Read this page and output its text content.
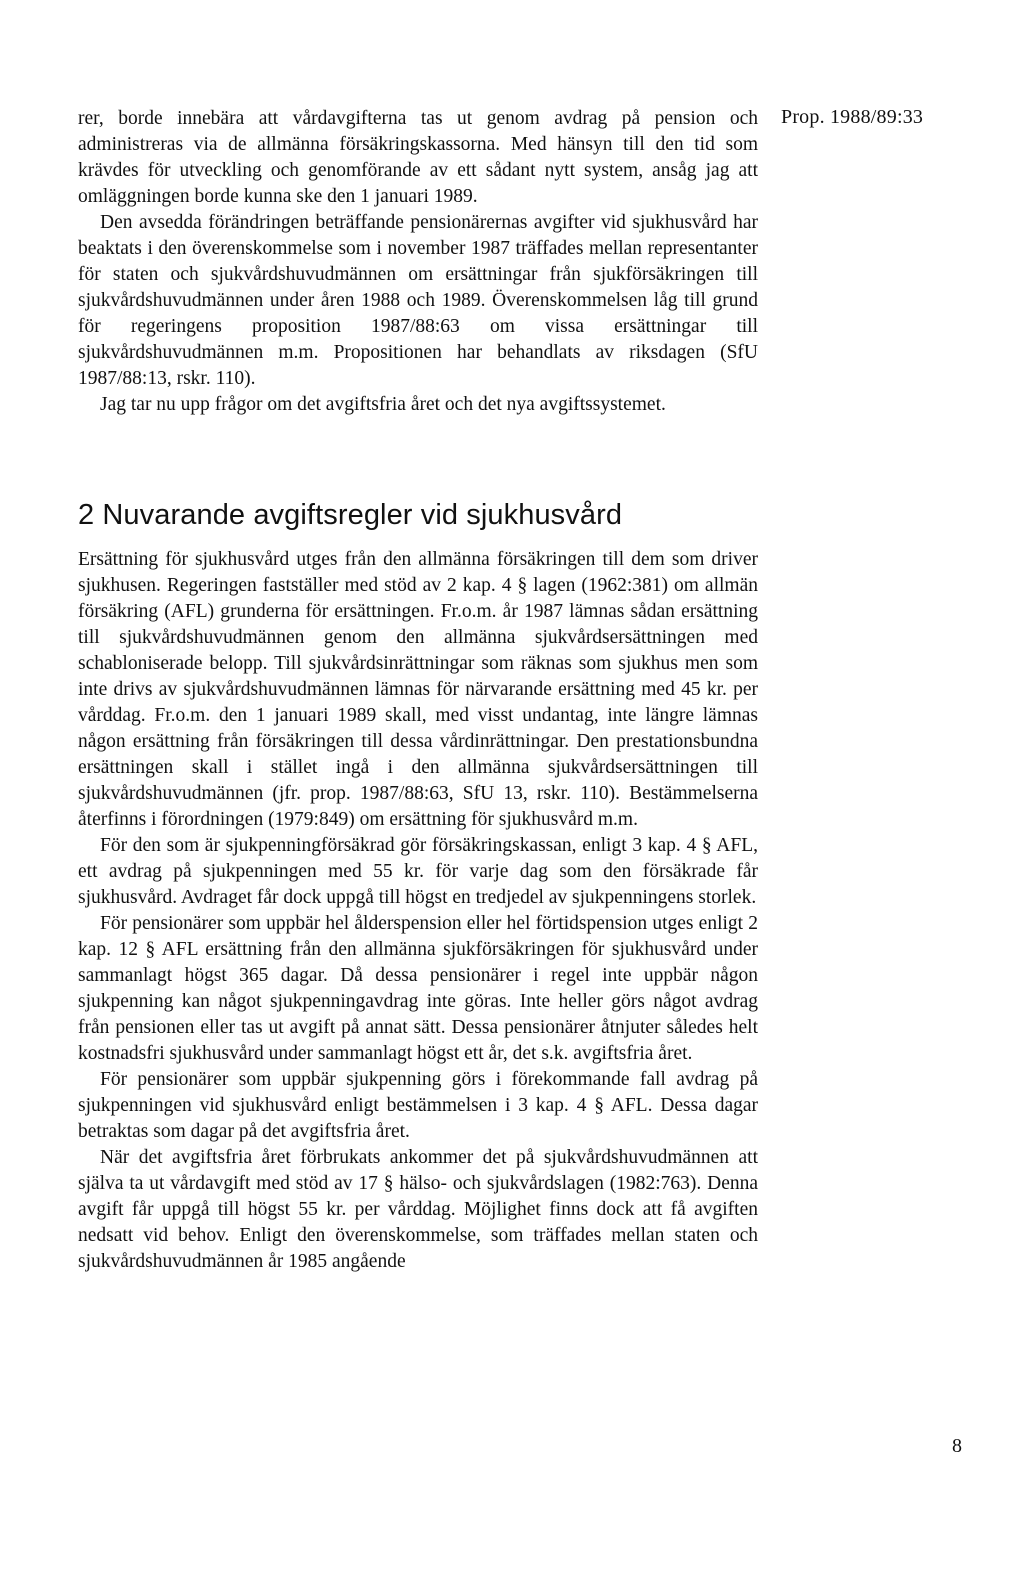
Prop. 1988/89:33

rer, borde innebära att vårdavgifterna tas ut genom avdrag på pension och administreras via de allmänna försäkringskassorna. Med hänsyn till den tid som krävdes för utveckling och genomförande av ett sådant nytt system, ansåg jag att omläggningen borde kunna ske den 1 januari 1989.

Den avsedda förändringen beträffande pensionärernas avgifter vid sjukhusvård har beaktats i den överenskommelse som i november 1987 träffades mellan representanter för staten och sjukvårdshuvudmännen om ersättningar från sjukförsäkringen till sjukvårdshuvudmännen under åren 1988 och 1989. Överenskommelsen låg till grund för regeringens proposition 1987/88:63 om vissa ersättningar till sjukvårdshuvudmännen m.m. Propositionen har behandlats av riksdagen (SfU 1987/88:13, rskr. 110).

Jag tar nu upp frågor om det avgiftsfria året och det nya avgiftssystemet.

2 Nuvarande avgiftsregler vid sjukhusvård

Ersättning för sjukhusvård utges från den allmänna försäkringen till dem som driver sjukhusen. Regeringen fastställer med stöd av 2 kap. 4 § lagen (1962:381) om allmän försäkring (AFL) grunderna för ersättningen. Fr.o.m. år 1987 lämnas sådan ersättning till sjukvårdshuvudmännen genom den allmänna sjukvårdsersättningen med schabloniserade belopp. Till sjukvårdsinrättningar som räknas som sjukhus men som inte drivs av sjukvårdshuvudmännen lämnas för närvarande ersättning med 45 kr. per vårddag. Fr.o.m. den 1 januari 1989 skall, med visst undantag, inte längre lämnas någon ersättning från försäkringen till dessa vårdinrättningar. Den prestationsbundna ersättningen skall i stället ingå i den allmänna sjukvårdsersättningen till sjukvårdshuvudmännen (jfr. prop. 1987/88:63, SfU 13, rskr. 110). Bestämmelserna återfinns i förordningen (1979:849) om ersättning för sjukhusvård m.m.

För den som är sjukpenningförsäkrad gör försäkringskassan, enligt 3 kap. 4 § AFL, ett avdrag på sjukpenningen med 55 kr. för varje dag som den försäkrade får sjukhusvård. Avdraget får dock uppgå till högst en tredjedel av sjukpenningens storlek.

För pensionärer som uppbär hel ålderspension eller hel förtidspension utges enligt 2 kap. 12 § AFL ersättning från den allmänna sjukförsäkringen för sjukhusvård under sammanlagt högst 365 dagar. Då dessa pensionärer i regel inte uppbär någon sjukpenning kan något sjukpenningavdrag inte göras. Inte heller görs något avdrag från pensionen eller tas ut avgift på annat sätt. Dessa pensionärer åtnjuter således helt kostnadsfri sjukhusvård under sammanlagt högst ett år, det s.k. avgiftsfria året.

För pensionärer som uppbär sjukpenning görs i förekommande fall avdrag på sjukpenningen vid sjukhusvård enligt bestämmelsen i 3 kap. 4 § AFL. Dessa dagar betraktas som dagar på det avgiftsfria året.

När det avgiftsfria året förbrukats ankommer det på sjukvårdshuvudmännen att själva ta ut vårdavgift med stöd av 17 § hälso- och sjukvårdslagen (1982:763). Denna avgift får uppgå till högst 55 kr. per vårddag. Möjlighet finns dock att få avgiften nedsatt vid behov. Enligt den överenskommelse, som träffades mellan staten och sjukvårdshuvudmännen år 1985 angående

8
